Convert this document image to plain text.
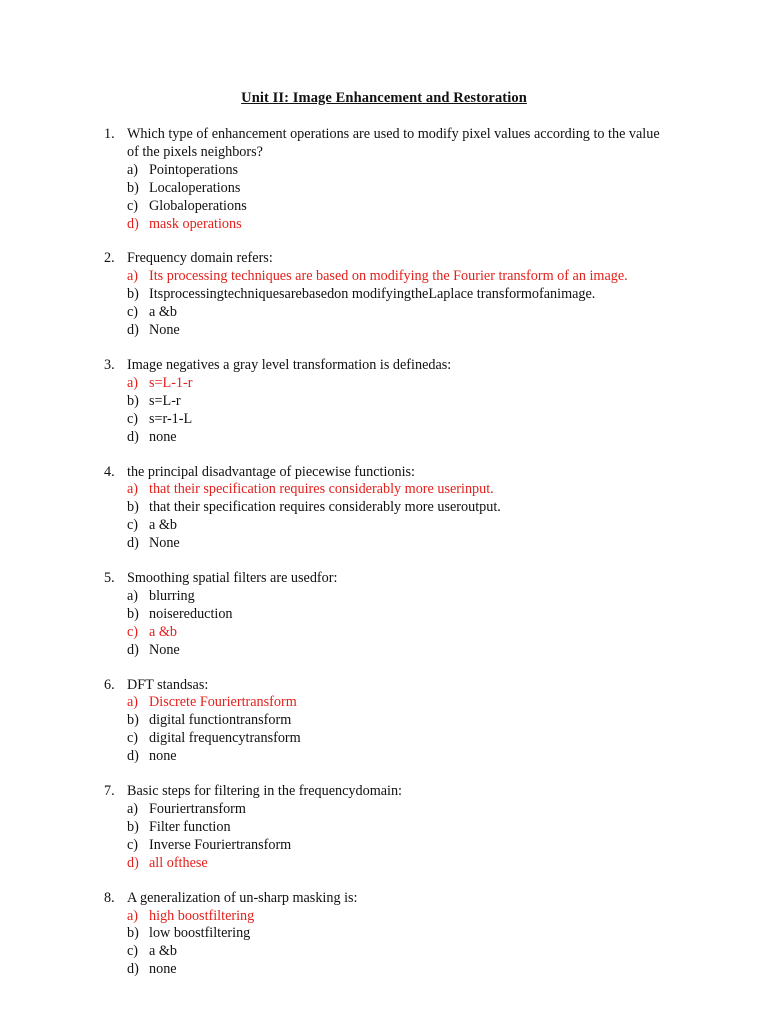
Unit II: Image Enhancement and Restoration
1. Which type of enhancement operations are used to modify pixel values according to the value of the pixels neighbors?
a) Pointoperations
b) Localoperations
c) Globaloperations
d) mask operations
2. Frequency domain refers:
a) Its processing techniques are based on modifying the Fourier transform of an image.
b) Itsprocessingtechniquesarebasedon modifyingtheLaplace transformofanimage.
c) a &b
d) None
3. Image negatives a gray level transformation is definedas:
a) s=L-1-r
b) s=L-r
c) s=r-1-L
d) none
4. the principal disadvantage of piecewise functionis:
a) that their specification requires considerably more userinput.
b) that their specification requires considerably more useroutput.
c) a &b
d) None
5. Smoothing spatial filters are usedfor:
a) blurring
b) noisereduction
c) a &b
d) None
6. DFT standsas:
a) Discrete Fouriertransform
b) digital functiontransform
c) digital frequencytransform
d) none
7. Basic steps for filtering in the frequencydomain:
a) Fouriertransform
b) Filter function
c) Inverse Fouriertransform
d) all ofthese
8. A generalization of un-sharp masking is:
a) high boostfiltering
b) low boostfiltering
c) a &b
d) none
